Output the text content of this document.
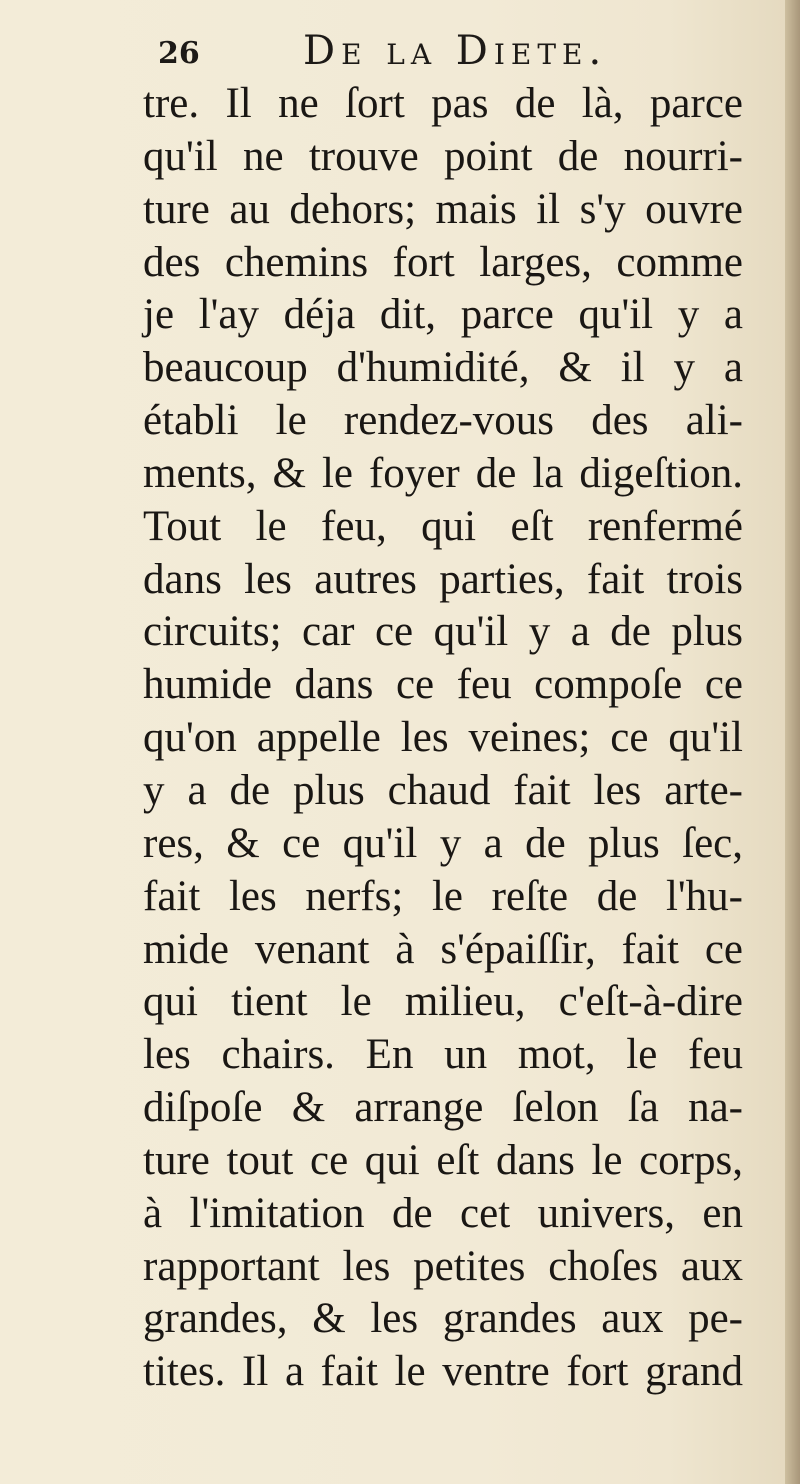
26	De la Diete.
tre. Il ne ſort pas de là, parce
qu'il ne trouve point de nourri-
ture au dehors; mais il s'y ouvre
des chemins fort larges, comme
je l'ay déja dit, parce qu'il y a
beaucoup d'humidité, & il y a
établi le rendez-vous des ali-
ments, & le foyer de la digeſtion.
Tout le feu, qui eſt renfermé
dans les autres parties, fait trois
circuits; car ce qu'il y a de plus
humide dans ce feu compoſe ce
qu'on appelle les veines; ce qu'il
y a de plus chaud fait les arte-
res, & ce qu'il y a de plus ſec,
fait les nerfs; le reſte de l'hu-
mide venant à s'épaiſſir, fait ce
qui tient le milieu, c'eſt-à-dire
les chairs. En un mot, le feu
diſpoſe & arrange ſelon ſa na-
ture tout ce qui eſt dans le corps,
à l'imitation de cet univers, en
rapportant les petites choſes aux
grandes, & les grandes aux pe-
tites. Il a fait le ventre fort grand
